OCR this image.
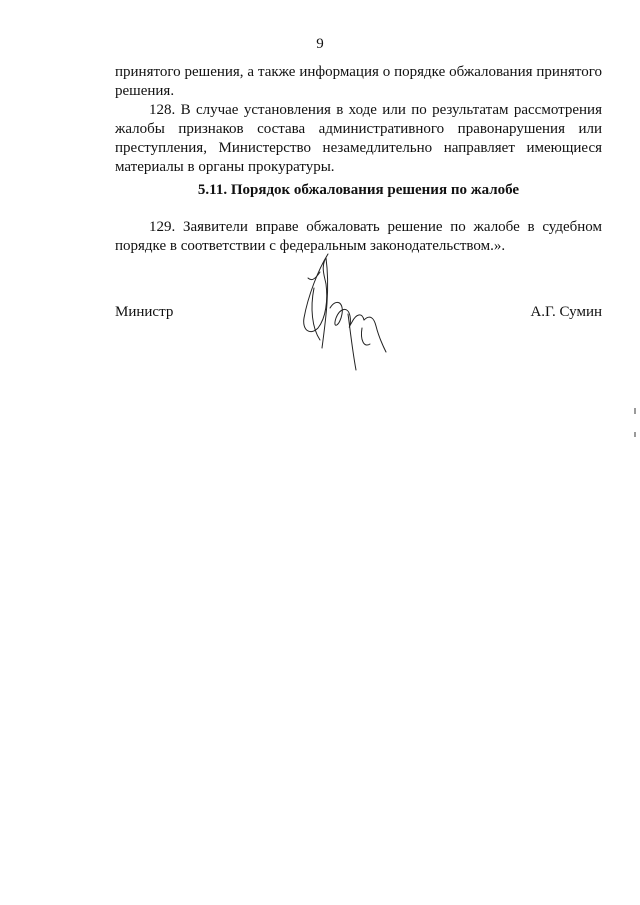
9
принятого решения, а также информация о порядке обжалования принятого решения.
128. В случае установления в ходе или по результатам рассмотрения жалобы признаков состава административного правонарушения или преступления, Министерство незамедлительно направляет имеющиеся материалы в органы прокуратуры.
5.11. Порядок обжалования решения по жалобе
129. Заявители вправе обжаловать решение по жалобе в судебном порядке в соответствии с федеральным законодательством.».
Министр	А.Г. Сумин
